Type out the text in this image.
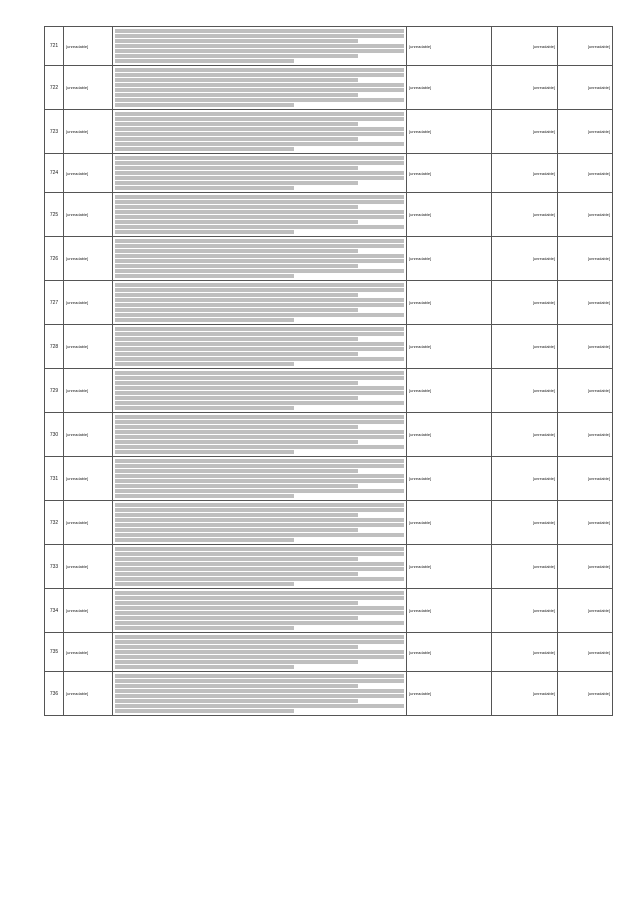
721	[unreadable]		[unreadable]	[unreadable]	[unreadable]
722	[unreadable]		[unreadable]	[unreadable]	[unreadable]
723	[unreadable]		[unreadable]	[unreadable]	[unreadable]
724	[unreadable]		[unreadable]	[unreadable]	[unreadable]
725	[unreadable]		[unreadable]	[unreadable]	[unreadable]
726	[unreadable]		[unreadable]	[unreadable]	[unreadable]
727	[unreadable]		[unreadable]	[unreadable]	[unreadable]
728	[unreadable]		[unreadable]	[unreadable]	[unreadable]
729	[unreadable]		[unreadable]	[unreadable]	[unreadable]
730	[unreadable]		[unreadable]	[unreadable]	[unreadable]
731	[unreadable]		[unreadable]	[unreadable]	[unreadable]
732	[unreadable]		[unreadable]	[unreadable]	[unreadable]
733	[unreadable]		[unreadable]	[unreadable]	[unreadable]
734	[unreadable]		[unreadable]	[unreadable]	[unreadable]
735	[unreadable]		[unreadable]	[unreadable]	[unreadable]
736	[unreadable]		[unreadable]	[unreadable]	[unreadable]
